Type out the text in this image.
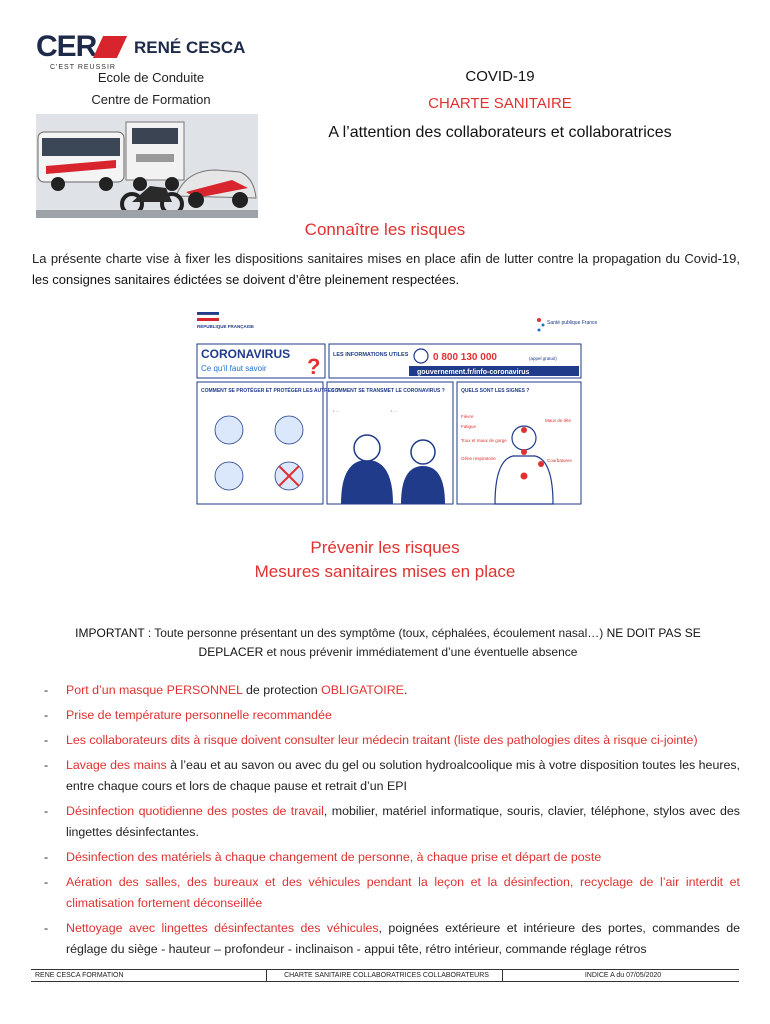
CER
C'EST REUSSIR
RENÉ CESCA
Ecole de Conduite
Centre de Formation
COVID-19
CHARTE SANITAIRE
A l’attention des collaborateurs et collaboratrices
Connaître les risques

La présente charte vise à fixer les dispositions sanitaires mises en place afin de lutter contre la propagation du Covid-19, les consignes sanitaires édictées se doivent d’être pleinement respectées.

RÉPUBLIQUE FRANÇAISE
Santé publique France
CORONAVIRUS
Ce qu'il faut savoir ? LES INFORMATIONS UTILES 0 800 130 000	(appel gratuit)
gouvernement.fr/info-coronavirus
COMMENT SE PROTÉGER ET PROTÉGER LES AUTRES ?
COMMENT SE TRANSMET LE CORONAVIRUS ?	QUELS SONT LES SIGNES ?
• …	• …
Fièvre
Maux de tête
Courbatures
Toux et maux de gorge
Fatigue
Gêne respiratoire
Prévenir les risques
Mesures sanitaires mises en place

IMPORTANT : Toute personne présentant un des symptôme (toux, céphalées, écoulement nasal…) NE DOIT PAS SE DEPLACER et nous prévenir immédiatement d’une éventuelle absence

- Port d’un masque PERSONNEL de protection OBLIGATOIRE.
- Prise de température personnelle recommandée
- Les collaborateurs dits à risque doivent consulter leur médecin traitant (liste des pathologies dites à risque ci-jointe)
- Lavage des mains à l’eau et au savon ou avec du gel ou solution hydroalcoolique mis à votre disposition toutes les heures, entre chaque cours et lors de chaque pause et retrait d’un EPI
- Désinfection quotidienne des postes de travail, mobilier, matériel informatique, souris, clavier, téléphone, stylos avec des lingettes désinfectantes.
- Désinfection des matériels à chaque changement de personne, à chaque prise et départ de poste
- Aération des salles, des bureaux et des véhicules pendant la leçon et la désinfection, recyclage de l’air interdit et climatisation fortement déconseillée
- Nettoyage avec lingettes désinfectantes des véhicules, poignées extérieure et intérieure des portes, commandes de réglage du siège - hauteur – profondeur - inclinaison - appui tête, rétro intérieur, commande réglage rétros
RENE CESCA FORMATION	CHARTE SANITAIRE COLLABORATRICES COLLABORATEURS	INDICE A du 07/05/2020
